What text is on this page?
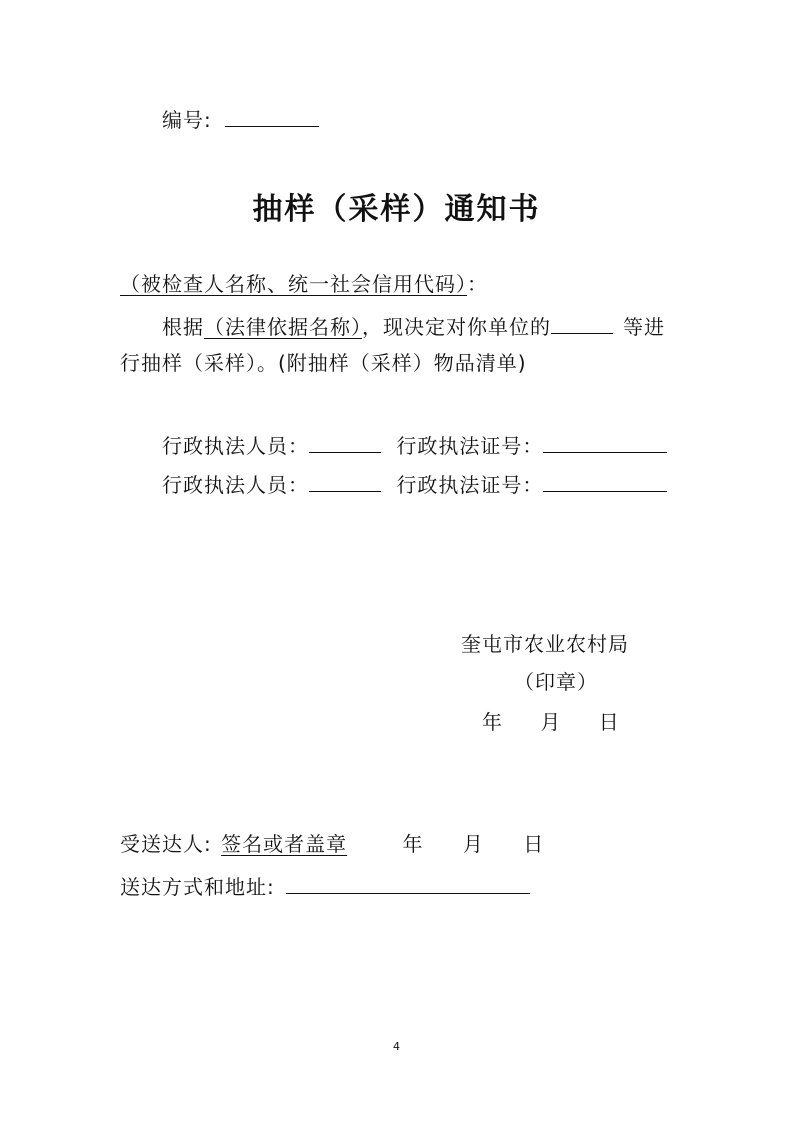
编号:
抽样（采样）通知书
（被检查人名称、统一社会信用代码）：
根据（法律依据名称），现决定对你单位的	等进
行抽样（采样）。(附抽样（采样）物品清单)
行政执法人员：	行政执法证号：
行政执法人员：	行政执法证号：
奎屯市农业农村局
（印章）
年 月 日
受送达人: 签名或者盖章	年 月 日
送达方式和地址:
4
